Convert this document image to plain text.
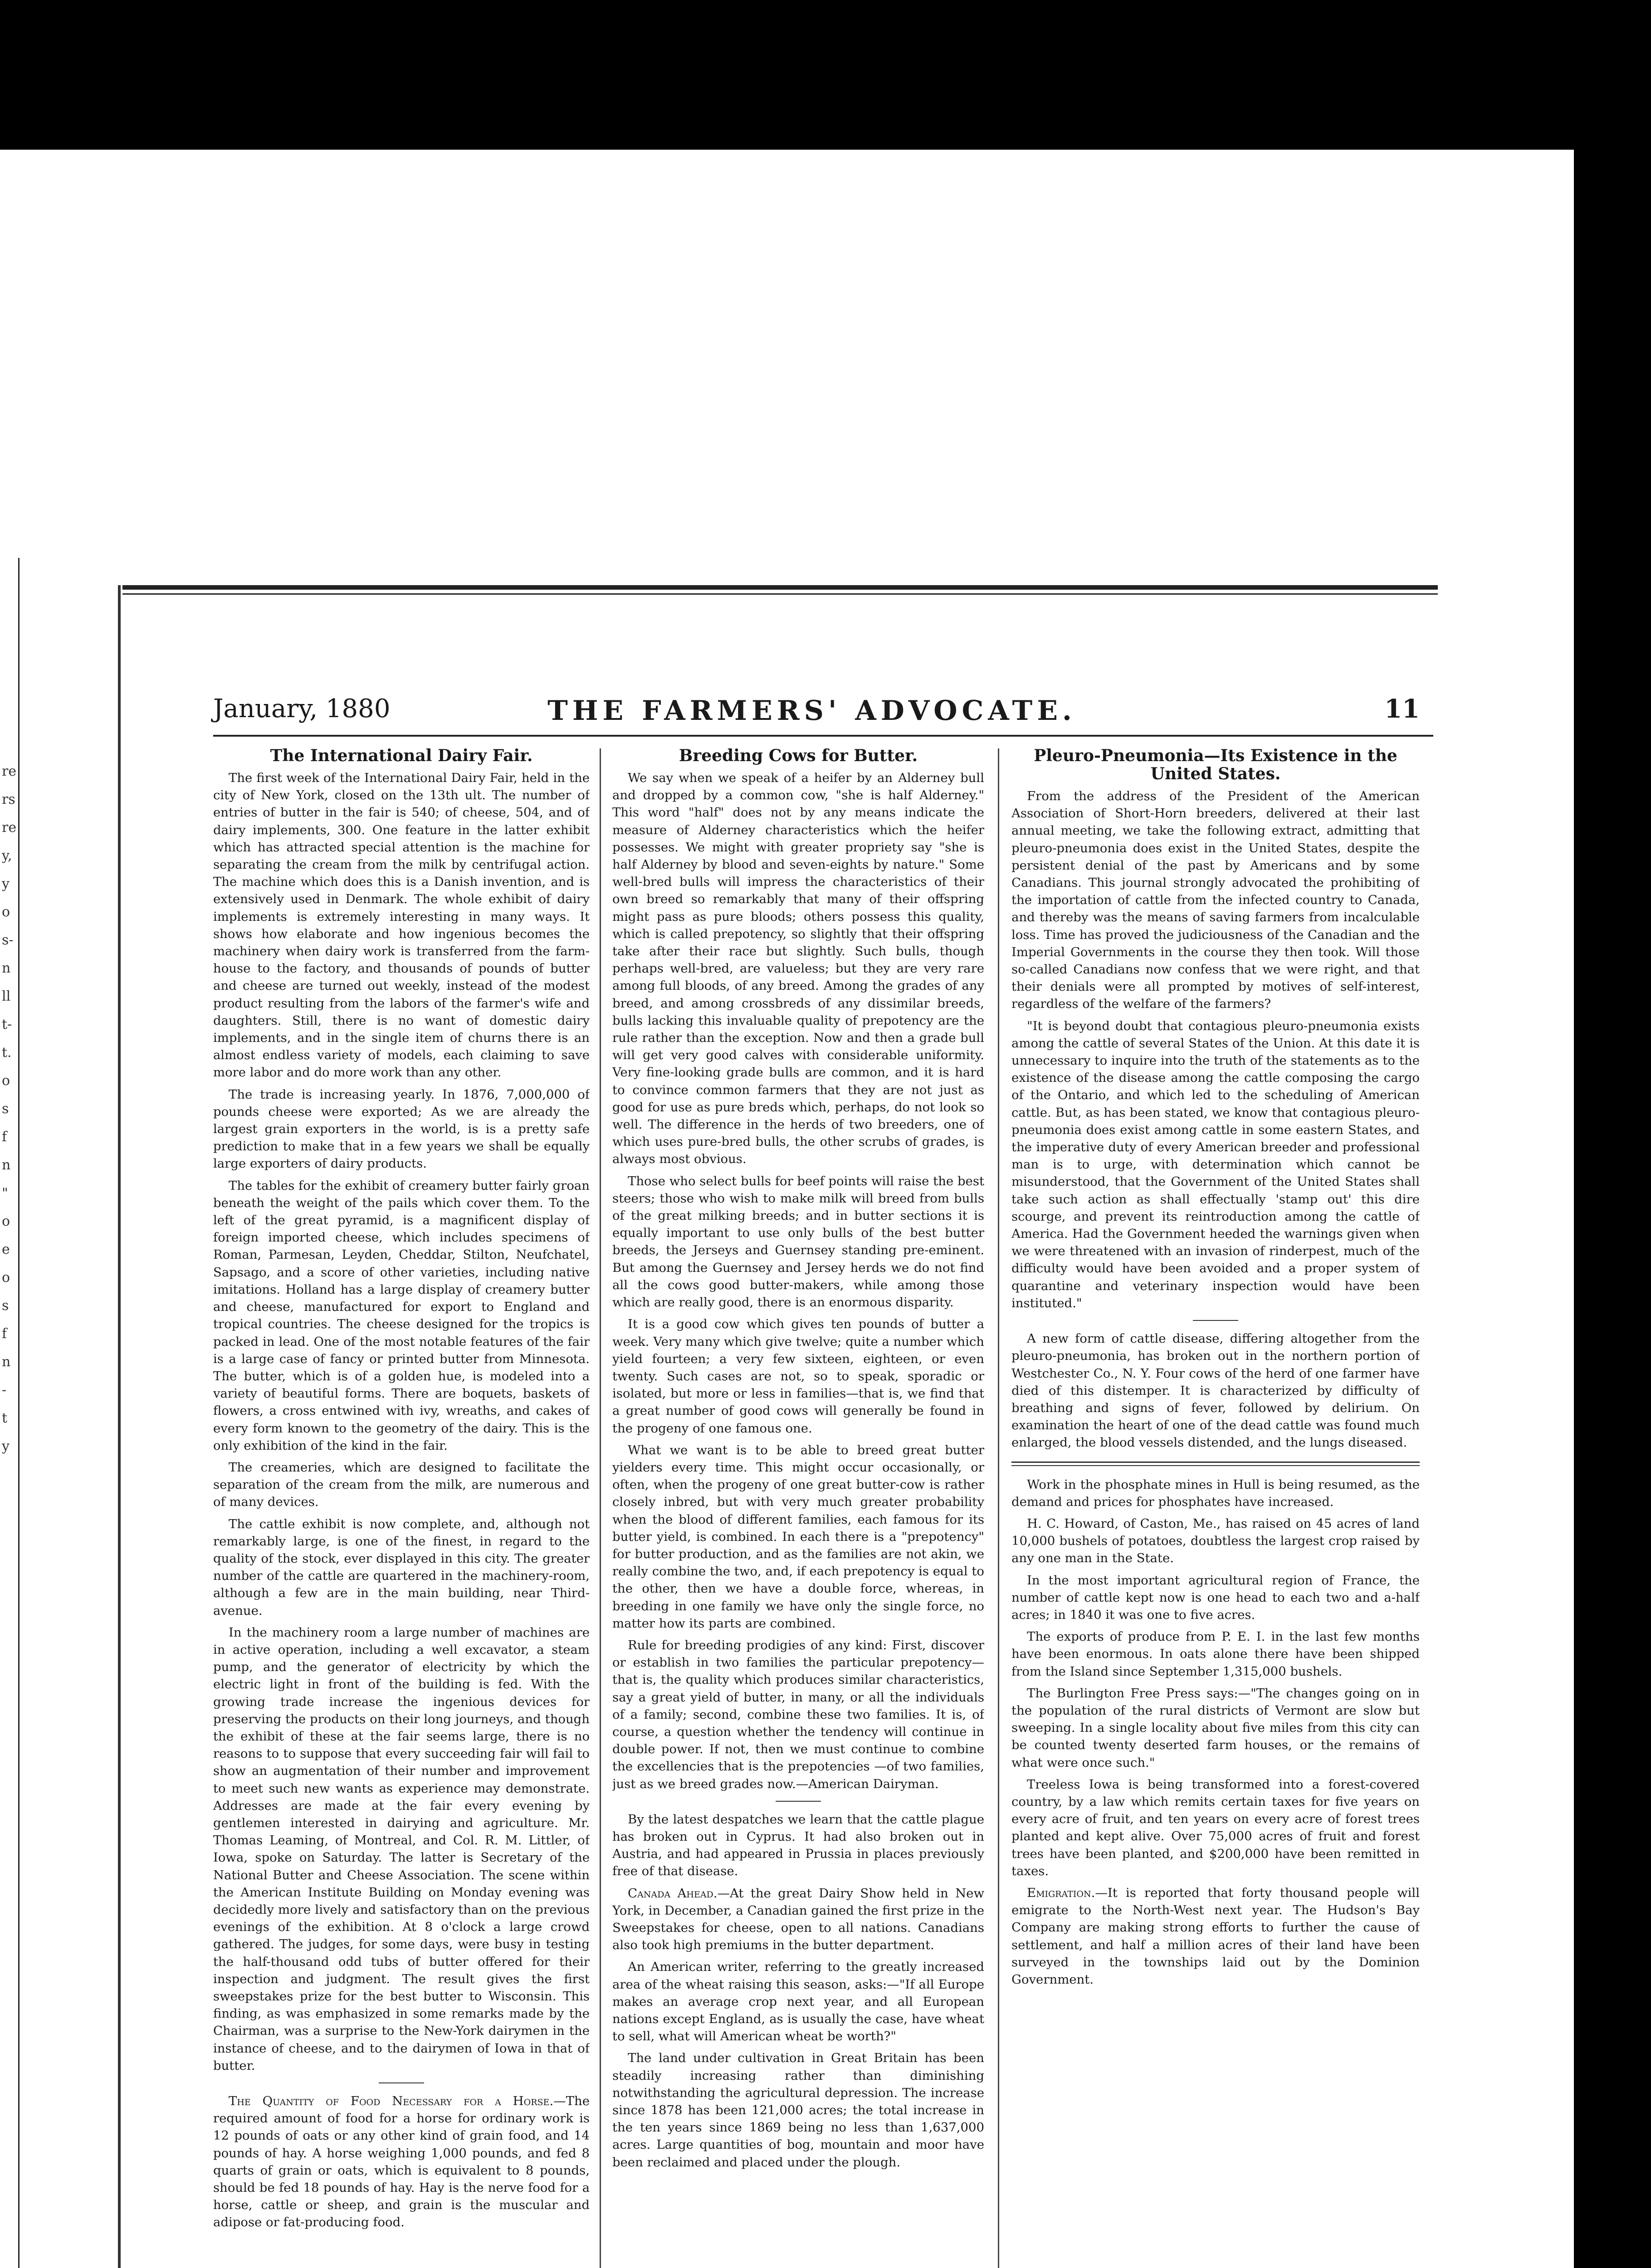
re
rs
re
y,
y
o
s-
n
ll
t-
t.
o
s
f
n
"
o
e
o
s
f
n
-
t
y
January, 1880	THE FARMERS' ADVOCATE.	11
The International Dairy Fair.

The first week of the International Dairy Fair, held in the city of New York, closed on the 13th ult. The number of entries of butter in the fair is 540; of cheese, 504, and of dairy implements, 300. One feature in the latter exhibit which has attracted special attention is the machine for separating the cream from the milk by centrifugal action. The machine which does this is a Danish invention, and is extensively used in Denmark. The whole exhibit of dairy implements is extremely interesting in many ways. It shows how elaborate and how ingenious becomes the machinery when dairy work is transferred from the farm-house to the factory, and thousands of pounds of butter and cheese are turned out weekly, instead of the modest product resulting from the labors of the farmer's wife and daughters. Still, there is no want of domestic dairy implements, and in the single item of churns there is an almost endless variety of models, each claiming to save more labor and do more work than any other.

The trade is increasing yearly. In 1876, 7,000,000 of pounds cheese were exported; As we are already the largest grain exporters in the world, is is a pretty safe prediction to make that in a few years we shall be equally large exporters of dairy products.

The tables for the exhibit of creamery butter fairly groan beneath the weight of the pails which cover them. To the left of the great pyramid, is a magnificent display of foreign imported cheese, which includes specimens of Roman, Parmesan, Leyden, Cheddar, Stilton, Neufchatel, Sapsago, and a score of other varieties, including native imitations. Holland has a large display of creamery butter and cheese, manufactured for export to England and tropical countries. The cheese designed for the tropics is packed in lead. One of the most notable features of the fair is a large case of fancy or printed butter from Minnesota. The butter, which is of a golden hue, is modeled into a variety of beautiful forms. There are boquets, baskets of flowers, a cross entwined with ivy, wreaths, and cakes of every form known to the geometry of the dairy. This is the only exhibition of the kind in the fair.

The creameries, which are designed to facilitate the separation of the cream from the milk, are numerous and of many devices.

The cattle exhibit is now complete, and, although not remarkably large, is one of the finest, in regard to the quality of the stock, ever displayed in this city. The greater number of the cattle are quartered in the machinery-room, although a few are in the main building, near Third-avenue.

In the machinery room a large number of machines are in active operation, including a well excavator, a steam pump, and the generator of electricity by which the electric light in front of the building is fed. With the growing trade increase the ingenious devices for preserving the products on their long journeys, and though the exhibit of these at the fair seems large, there is no reasons to to suppose that every succeeding fair will fail to show an augmentation of their number and improvement to meet such new wants as experience may demonstrate. Addresses are made at the fair every evening by gentlemen interested in dairying and agriculture. Mr. Thomas Leaming, of Montreal, and Col. R. M. Littler, of Iowa, spoke on Saturday. The latter is Secretary of the National Butter and Cheese Association. The scene within the American Institute Building on Monday evening was decidedly more lively and satisfactory than on the previous evenings of the exhibition. At 8 o'clock a large crowd gathered. The judges, for some days, were busy in testing the half-thousand odd tubs of butter offered for their inspection and judgment. The result gives the first sweepstakes prize for the best butter to Wisconsin. This finding, as was emphasized in some remarks made by the Chairman, was a surprise to the New-York dairymen in the instance of cheese, and to the dairymen of Iowa in that of butter.

The Quantity of Food Necessary for a Horse.—The required amount of food for a horse for ordinary work is 12 pounds of oats or any other kind of grain food, and 14 pounds of hay. A horse weighing 1,000 pounds, and fed 8 quarts of grain or oats, which is equivalent to 8 pounds, should be fed 18 pounds of hay. Hay is the nerve food for a horse, cattle or sheep, and grain is the muscular and adipose or fat-producing food.

Breeding Cows for Butter.

We say when we speak of a heifer by an Alderney bull and dropped by a common cow, "she is half Alderney." This word "half" does not by any means indicate the measure of Alderney characteristics which the heifer possesses. We might with greater propriety say "she is half Alderney by blood and seven-eights by nature." Some well-bred bulls will impress the characteristics of their own breed so remarkably that many of their offspring might pass as pure bloods; others possess this quality, which is called prepotency, so slightly that their offspring take after their race but slightly. Such bulls, though perhaps well-bred, are valueless; but they are very rare among full bloods, of any breed. Among the grades of any breed, and among crossbreds of any dissimilar breeds, bulls lacking this invaluable quality of prepotency are the rule rather than the exception. Now and then a grade bull will get very good calves with considerable uniformity. Very fine-looking grade bulls are common, and it is hard to convince common farmers that they are not just as good for use as pure breds which, perhaps, do not look so well. The difference in the herds of two breeders, one of which uses pure-bred bulls, the other scrubs of grades, is always most obvious.

Those who select bulls for beef points will raise the best steers; those who wish to make milk will breed from bulls of the great milking breeds; and in butter sections it is equally important to use only bulls of the best butter breeds, the Jerseys and Guernsey standing pre-eminent. But among the Guernsey and Jersey herds we do not find all the cows good butter-makers, while among those which are really good, there is an enormous disparity.

It is a good cow which gives ten pounds of butter a week. Very many which give twelve; quite a number which yield fourteen; a very few sixteen, eighteen, or even twenty. Such cases are not, so to speak, sporadic or isolated, but more or less in families—that is, we find that a great number of good cows will generally be found in the progeny of one famous one.

What we want is to be able to breed great butter yielders every time. This might occur occasionally, or often, when the progeny of one great butter-cow is rather closely inbred, but with very much greater probability when the blood of different families, each famous for its butter yield, is combined. In each there is a "prepotency" for butter production, and as the families are not akin, we really combine the two, and, if each prepotency is equal to the other, then we have a double force, whereas, in breeding in one family we have only the single force, no matter how its parts are combined.

Rule for breeding prodigies of any kind: First, discover or establish in two families the particular prepotency—that is, the quality which produces similar characteristics, say a great yield of butter, in many, or all the individuals of a family; second, combine these two families. It is, of course, a question whether the tendency will continue in double power. If not, then we must continue to combine the excellencies that is the prepotencies —of two families, just as we breed grades now.—American Dairyman.

By the latest despatches we learn that the cattle plague has broken out in Cyprus. It had also broken out in Austria, and had appeared in Prussia in places previously free of that disease.

Canada Ahead.—At the great Dairy Show held in New York, in December, a Canadian gained the first prize in the Sweepstakes for cheese, open to all nations. Canadians also took high premiums in the butter department.

An American writer, referring to the greatly increased area of the wheat raising this season, asks:—"If all Europe makes an average crop next year, and all European nations except England, as is usually the case, have wheat to sell, what will American wheat be worth?"

The land under cultivation in Great Britain has been steadily increasing rather than diminishing notwithstanding the agricultural depression. The increase since 1878 has been 121,000 acres; the total increase in the ten years since 1869 being no less than 1,637,000 acres. Large quantities of bog, mountain and moor have been reclaimed and placed under the plough.

Pleuro-Pneumonia—Its Existence in the United States.

From the address of the President of the American Association of Short-Horn breeders, delivered at their last annual meeting, we take the following extract, admitting that pleuro-pneumonia does exist in the United States, despite the persistent denial of the past by Americans and by some Canadians. This journal strongly advocated the prohibiting of the importation of cattle from the infected country to Canada, and thereby was the means of saving farmers from incalculable loss. Time has proved the judiciousness of the Canadian and the Imperial Governments in the course they then took. Will those so-called Canadians now confess that we were right, and that their denials were all prompted by motives of self-interest, regardless of the welfare of the farmers?

"It is beyond doubt that contagious pleuro-pneumonia exists among the cattle of several States of the Union. At this date it is unnecessary to inquire into the truth of the statements as to the existence of the disease among the cattle composing the cargo of the Ontario, and which led to the scheduling of American cattle. But, as has been stated, we know that contagious pleuro-pneumonia does exist among cattle in some eastern States, and the imperative duty of every American breeder and professional man is to urge, with determination which cannot be misunderstood, that the Government of the United States shall take such action as shall effectually 'stamp out' this dire scourge, and prevent its reintroduction among the cattle of America. Had the Government heeded the warnings given when we were threatened with an invasion of rinderpest, much of the difficulty would have been avoided and a proper system of quarantine and veterinary inspection would have been instituted."

A new form of cattle disease, differing altogether from the pleuro-pneumonia, has broken out in the northern portion of Westchester Co., N. Y. Four cows of the herd of one farmer have died of this distemper. It is characterized by difficulty of breathing and signs of fever, followed by delirium. On examination the heart of one of the dead cattle was found much enlarged, the blood vessels distended, and the lungs diseased.

Work in the phosphate mines in Hull is being resumed, as the demand and prices for phosphates have increased.

H. C. Howard, of Caston, Me., has raised on 45 acres of land 10,000 bushels of potatoes, doubtless the largest crop raised by any one man in the State.

In the most important agricultural region of France, the number of cattle kept now is one head to each two and a-half acres; in 1840 it was one to five acres.

The exports of produce from P. E. I. in the last few months have been enormous. In oats alone there have been shipped from the Island since September 1,315,000 bushels.

The Burlington Free Press says:—"The changes going on in the population of the rural districts of Vermont are slow but sweeping. In a single locality about five miles from this city can be counted twenty deserted farm houses, or the remains of what were once such."

Treeless Iowa is being transformed into a forest-covered country, by a law which remits certain taxes for five years on every acre of fruit, and ten years on every acre of forest trees planted and kept alive. Over 75,000 acres of fruit and forest trees have been planted, and $200,000 have been remitted in taxes.

Emigration.—It is reported that forty thousand people will emigrate to the North-West next year. The Hudson's Bay Company are making strong efforts to further the cause of settlement, and half a million acres of their land have been surveyed in the townships laid out by the Dominion Government.
